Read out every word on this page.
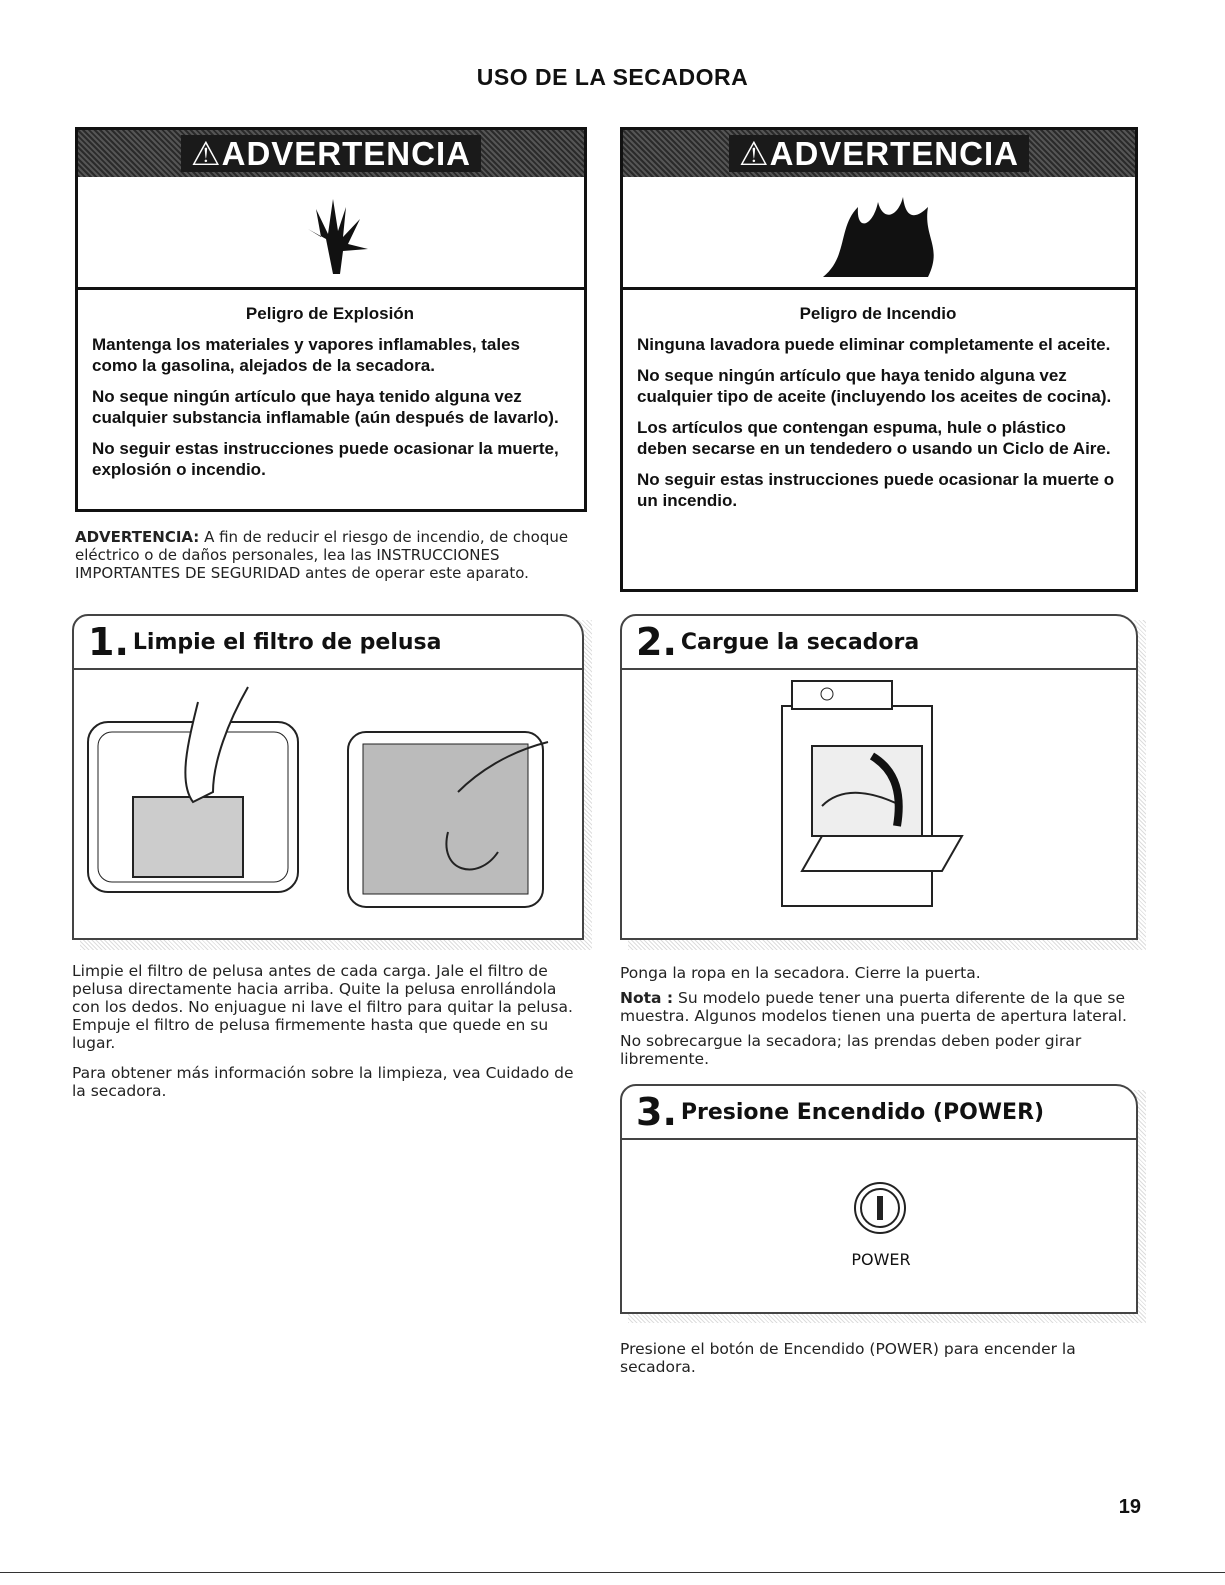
USO DE LA SECADORA
⚠ADVERTENCIA
Peligro de Explosión

Mantenga los materiales y vapores inflamables, tales como la gasolina, alejados de la secadora.

No seque ningún artículo que haya tenido alguna vez cualquier substancia inflamable (aún después de lavarlo).

No seguir estas instrucciones puede ocasionar la muerte, explosión o incendio.

ADVERTENCIA: A fin de reducir el riesgo de incendio, de choque eléctrico o de daños personales, lea las INSTRUCCIONES IMPORTANTES DE SEGURIDAD antes de operar este aparato.
⚠ADVERTENCIA
Peligro de Incendio

Ninguna lavadora puede eliminar completamente el aceite.

No seque ningún artículo que haya tenido alguna vez cualquier tipo de aceite (incluyendo los aceites de cocina).

Los artículos que contengan espuma, hule o plástico deben secarse en un tendedero o usando un Ciclo de Aire.

No seguir estas instrucciones puede ocasionar la muerte o un incendio.

1. Limpie el filtro de pelusa

Limpie el filtro de pelusa antes de cada carga. Jale el filtro de pelusa directamente hacia arriba. Quite la pelusa enrollándola con los dedos. No enjuague ni lave el filtro para quitar la pelusa. Empuje el filtro de pelusa firmemente hasta que quede en su lugar.

Para obtener más información sobre la limpieza, vea Cuidado de la secadora.

2. Cargue la secadora

Ponga la ropa en la secadora. Cierre la puerta.

Nota : Su modelo puede tener una puerta diferente de la que se muestra. Algunos modelos tienen una puerta de apertura lateral.

No sobrecargue la secadora; las prendas deben poder girar libremente.

3. Presione Encendido (POWER)
POWER

Presione el botón de Encendido (POWER) para encender la secadora.

19
